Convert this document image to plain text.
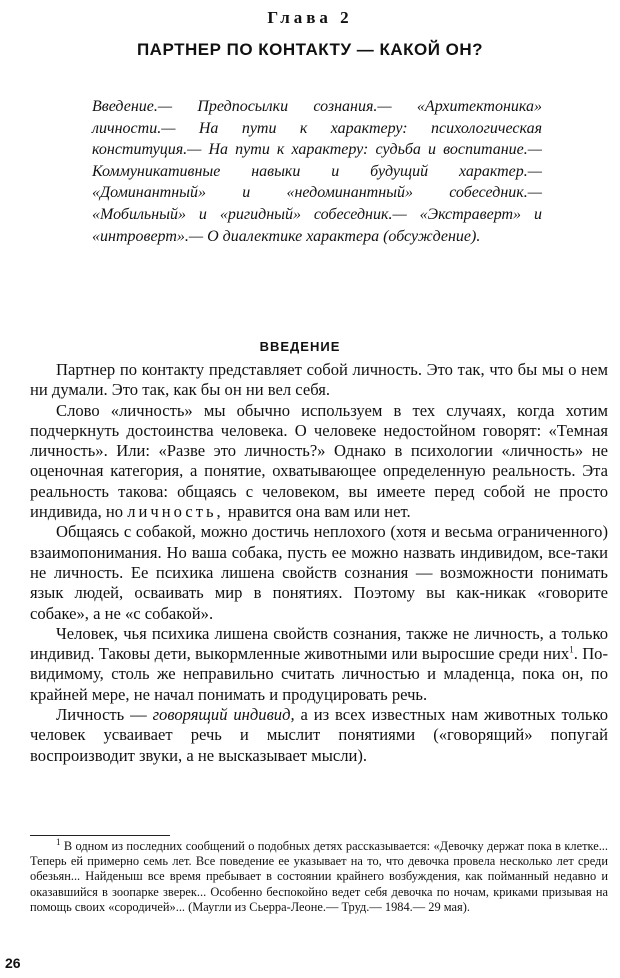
Глава 2
ПАРТНЕР ПО КОНТАКТУ — КАКОЙ ОН?
Введение.— Предпосылки сознания.— «Архитектоника» личности.— На пути к характеру: психологическая конституция.— На пути к характеру: судьба и воспитание.— Коммуникативные навыки и будущий характер.— «Доминантный» и «недоминантный» собеседник.— «Мобильный» и «ригидный» собеседник.— «Экстраверт» и «интроверт».— О диалектике характера (обсуждение).
ВВЕДЕНИЕ

Партнер по контакту представляет собой личность. Это так, что бы мы о нем ни думали. Это так, как бы он ни вел себя.

Слово «личность» мы обычно используем в тех случаях, когда хотим подчеркнуть достоинства человека. О человеке недостойном говорят: «Темная личность». Или: «Разве это личность?» Однако в психологии «личность» не оценочная категория, а понятие, охватывающее определенную реальность. Эта реальность такова: общаясь с человеком, вы имеете перед собой не просто индивида, но личность, нравится она вам или нет.

Общаясь с собакой, можно достичь неплохого (хотя и весьма ограниченного) взаимопонимания. Но ваша собака, пусть ее можно назвать индивидом, все-таки не личность. Ее психика лишена свойств сознания — возможности понимать язык людей, осваивать мир в понятиях. Поэтому вы как-никак «говорите собаке», а не «с собакой».

Человек, чья психика лишена свойств сознания, также не личность, а только индивид. Таковы дети, выкормленные животными или выросшие среди них$^1$. По-видимому, столь же неправильно считать личностью и младенца, пока он, по крайней мере, не начал понимать и продуцировать речь.

Личность — говорящий индивид, а из всех известных нам животных только человек усваивает речь и мыслит понятиями («говорящий» попугай воспроизводит звуки, а не высказывает мысли).

$^1$ В одном из последних сообщений о подобных детях рассказывается: «Девочку держат пока в клетке... Теперь ей примерно семь лет. Все поведение ее указывает на то, что девочка провела несколько лет среди обезьян... Найденыш все время пребывает в состоянии крайнего возбуждения, как пойманный недавно и оказавшийся в зоопарке зверек... Особенно беспокойно ведет себя девочка по ночам, криками призывая на помощь своих «сородичей»... (Маугли из Сьерра-Леоне.— Труд.— 1984.— 29 мая).

26
